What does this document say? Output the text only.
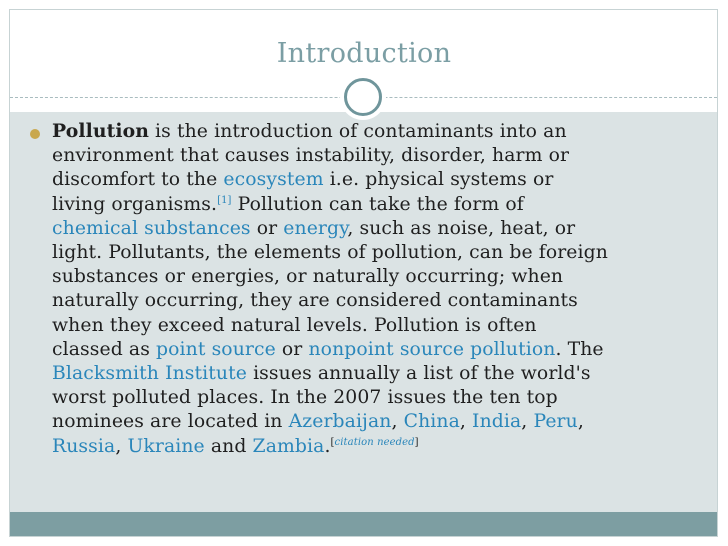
Introduction
Pollution is the introduction of contaminants into an
environment that causes instability, disorder, harm or
discomfort to the ecosystem i.e. physical systems or
living organisms.[1] Pollution can take the form of
chemical substances or energy, such as noise, heat, or
light. Pollutants, the elements of pollution, can be foreign
substances or energies, or naturally occurring; when
naturally occurring, they are considered contaminants
when they exceed natural levels. Pollution is often
classed as point source or nonpoint source pollution. The
Blacksmith Institute issues annually a list of the world's
worst polluted places. In the 2007 issues the ten top
nominees are located in Azerbaijan, China, India, Peru,
Russia, Ukraine and Zambia.[citation needed]
